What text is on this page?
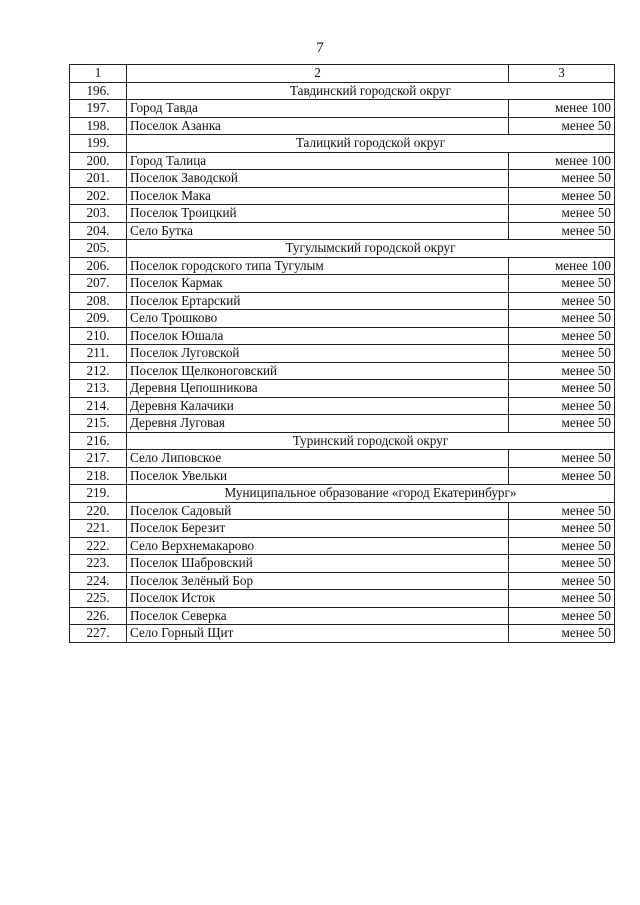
7
1	2	3
196.	Тавдинский городской округ	
197.	Город Тавда	менее 100
198.	Поселок Азанка	менее 50
199.	Талицкий городской округ	
200.	Город Талица	менее 100
201.	Поселок Заводской	менее 50
202.	Поселок Мака	менее 50
203.	Поселок Троицкий	менее 50
204.	Село Бутка	менее 50
205.	Тугулымский городской округ	
206.	Поселок городского типа Тугулым	менее 100
207.	Поселок Кармак	менее 50
208.	Поселок Ертарский	менее 50
209.	Село Трошково	менее 50
210.	Поселок Юшала	менее 50
211.	Поселок Луговской	менее 50
212.	Поселок Щелконоговский	менее 50
213.	Деревня Цепошникова	менее 50
214.	Деревня Калачики	менее 50
215.	Деревня Луговая	менее 50
216.	Туринский городской округ	
217.	Село Липовское	менее 50
218.	Поселок Увельки	менее 50
219.	Муниципальное образование «город Екатеринбург»	
220.	Поселок Садовый	менее 50
221.	Поселок Березит	менее 50
222.	Село Верхнемакарово	менее 50
223.	Поселок Шабровский	менее 50
224.	Поселок Зелёный Бор	менее 50
225.	Поселок Исток	менее 50
226.	Поселок Северка	менее 50
227.	Село Горный Щит	менее 50
